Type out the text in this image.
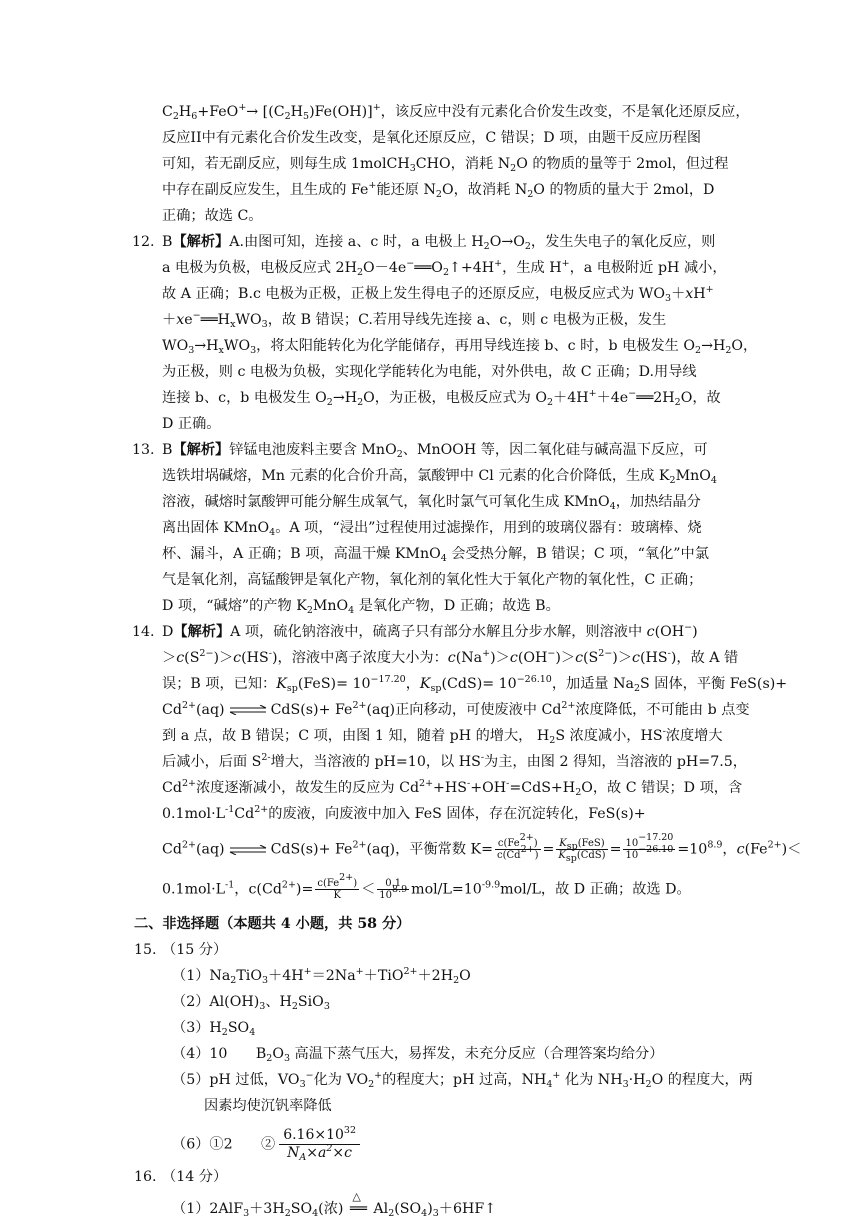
$C_2H_6+FeO^+\to [(C_2H_5)Fe(OH)]^+$，该反应中没有元素化合价发生改变，不是氧化还原反应，
反应II中有元素化合价发生改变，是氧化还原反应，C 错误；D 项，由题干反应历程图
可知，若无副反应，则每生成 1molCH$_3$CHO，消耗 $N_2O$ 的物质的量等于 2mol，但过程
中存在副反应发生，且生成的 Fe+能还原 $N_2O$，故消耗 $N_2O$ 的物质的量大于 2mol，D
正确；故选 C。
12. B【解析】A.由图可知，连接 a、c 时，a 电极上 $H_2O\to O_2$，发生失电子的氧化反应，则
a 电极为负极，电极反应式 $2H_2O-4e^-══O_2↑+4H^+$，生成 H+，a 电极附近 pH 减小，
故 A 正确；B.c 电极为正极，正极上发生得电子的还原反应，电极反应式为 $WO_3+xH^+$
$+xe^-══H_xWO_3$，故 B 错误；C.若用导线先连接 a、c，则 c 电极为正极，发生
$WO_3\to H_xWO_3$，将太阳能转化为化学能储存，再用导线连接 b、c 时，b 电极发生 $O_2\to H_2O$，
为正极，则 c 电极为负极，实现化学能转化为电能，对外供电，故 C 正确；D.用导线
连接 b、c，b 电极发生 $O_2\to H_2O$，为正极，电极反应式为 $O_2+4H^++4e^-══2H_2O$，故
D 正确。
13. B【解析】锌锰电池废料主要含 MnO$_2$、MnOOH 等，因二氧化硅与碱高温下反应，可
选铁坩埚碱熔，Mn 元素的化合价升高，氯酸钾中 Cl 元素的化合价降低，生成 $K_2MnO_4$
溶液，碱熔时氯酸钾可能分解生成氧气，氧化时氯气可氧化生成 KMnO$_4$，加热结晶分
离出固体 KMnO$_4$。A 项，“浸出”过程使用过滤操作，用到的玻璃仪器有：玻璃棒、烧
杯、漏斗，A 正确；B 项，高温干燥 KMnO$_4$ 会受热分解，B 错误；C 项，“氧化”中氯
气是氧化剂，高锰酸钾是氧化产物，氧化剂的氧化性大于氧化产物的氧化性，C 正确；
D 项，“碱熔”的产物 $K_2MnO_4$ 是氧化产物，D 正确；故选 B。
14. D【解析】A 项，硫化钠溶液中，硫离子只有部分水解且分步水解，则溶液中 c(OH−)
$>c(S^{2-})>c(HS^-)$，溶液中离子浓度大小为：$c(Na^+)>c(OH^-)>c(S^{2-})>c(HS^-)$，故 A 错
误；B 项，已知：$K_{sp}(FeS)= 10^{-17.20}$，$K_{sp}(CdS)= 10^{-26.10}$，加适量 $Na_2S$ 固体，平衡 FeS(s)+
$Cd^{2+}(aq)$ ⇌ $CdS(s)+ Fe^{2+}(aq)$正向移动，可使废液中 $Cd^{2+}$浓度降低，不可能由 b 点变
到 a 点，故 B 错误；C 项，由图 1 知，随着 pH 的增大， $H_2S$ 浓度减小，HS-浓度增大
后减小，后面 $S^{2-}$增大，当溶液的 pH=10，以 HS-为主，由图 2 得知，当溶液的 pH=7.5，
$Cd^{2+}$浓度逐渐减小，故发生的反应为 $Cd^{2+}+HS^-+OH^-=CdS+H_2O$，故 C 错误；D 项，含
$0.1mol\cdot L^{-1}Cd^{2+}$的废液，向废液中加入 FeS 固体，存在沉淀转化，FeS(s)+
$Cd^{2+}(aq)$ ⇌ $CdS(s)+ Fe^{2+}(aq)$，平衡常数 $K= \frac{c(Fe^{2+})}{c(Cd^{2+})} = \frac{K_{sp}(FeS)}{K_{sp}(CdS)} = \frac{10^{-17.20}}{10^{-26.10}} =10^{8.9}$，$c(Fe^{2+})<$
$0.1mol\cdot L^{-1}$，$c(Cd^{2+})= \frac{c(Fe^{2+})}{K} < \frac{0.1}{10^{8.9}} mol/L=10^{-9.9}mol/L$，故 D 正确；故选 D。
二、非选择题（本题共 4 小题，共 58 分）
15. （15 分）
$(1)Na_2TiO_3+4H^+=2Na^++TiO^{2+}+2H_2O$
$(2)Al(OH)_3$、$H_2SiO_3$
$(3)H_2SO_4$
（4）10　　$B_2O_3$ 高温下蒸气压大，易挥发，未充分反应（合理答案均给分）
（5）pH 过低，$VO_3^-$化为 $VO_2^+$的程度大；pH 过高，$NH_4^+$ 化为 $NH_3\cdot H_2O$ 的程度大，两
因素均使沉钒率降低
（6）①2　　② $\frac{6.16\times 10^{32}}{N_A\times a^2\times c}$
16. （14 分）
$(1)2AlF_3+3H_2SO_4$(浓) ══
△
$Al_2(SO_4)_3+6HF↑$
